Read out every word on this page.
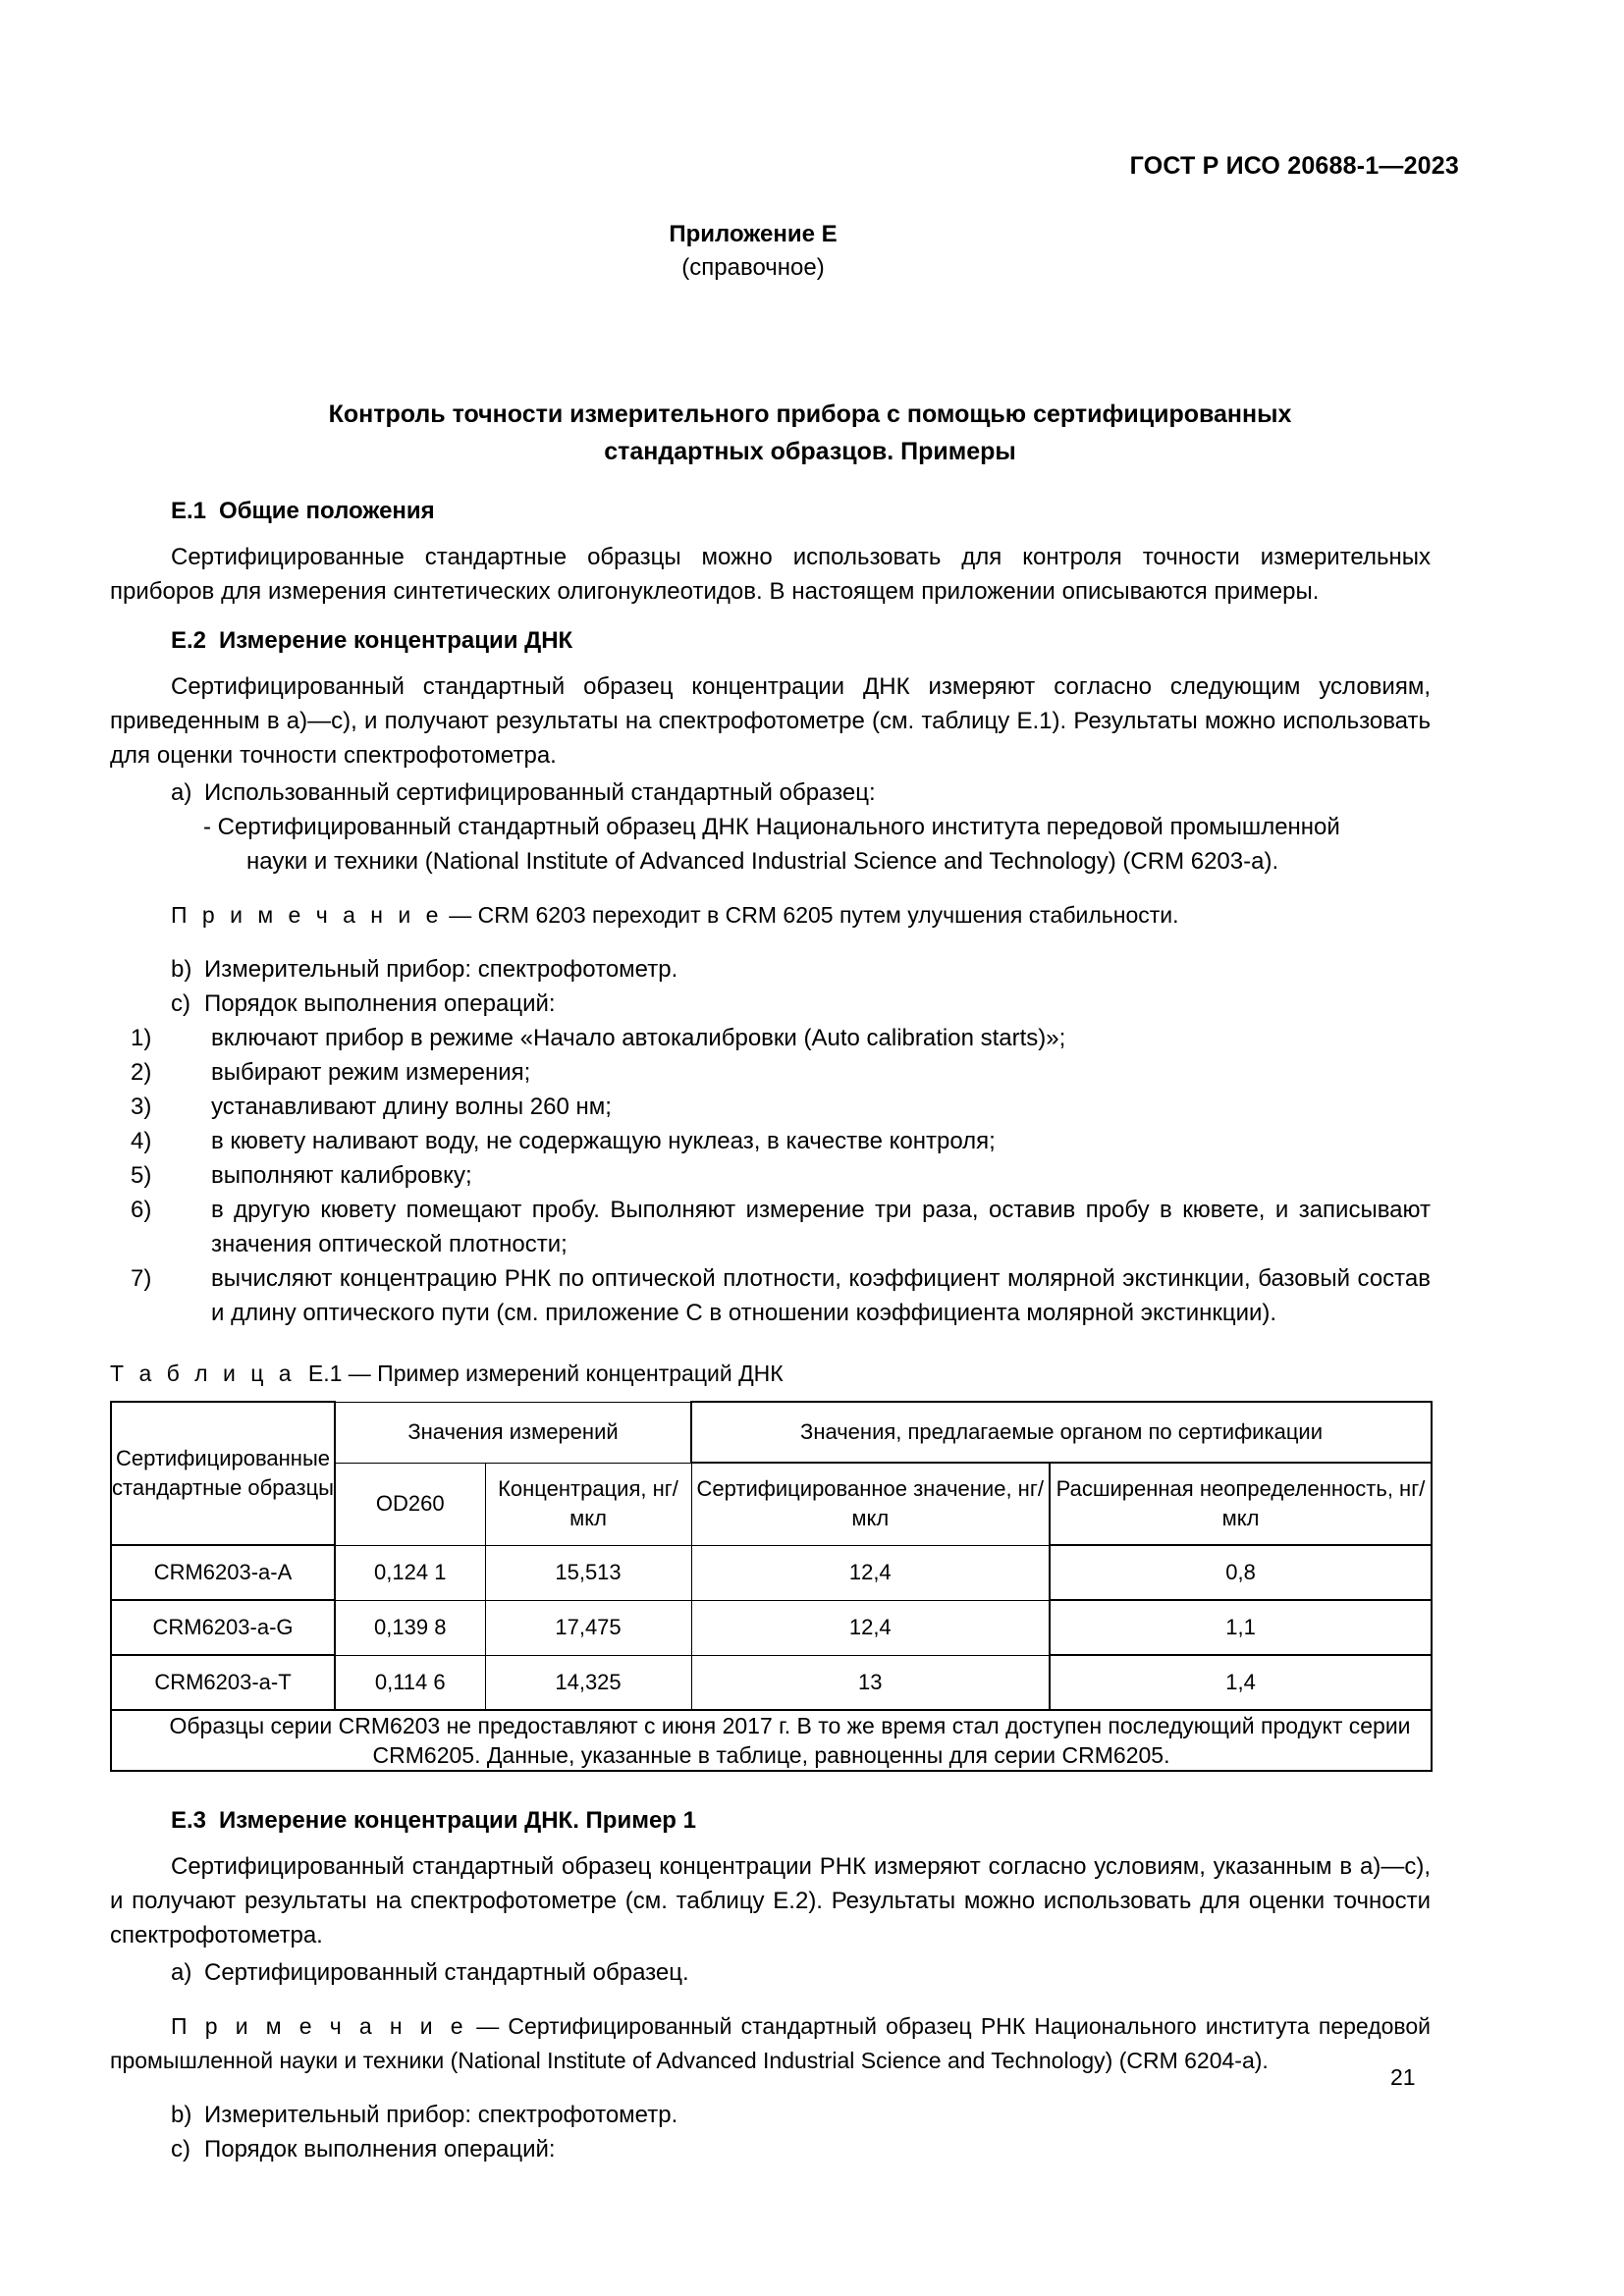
ГОСТ Р ИСО 20688-1—2023
Приложение Е
(справочное)
Контроль точности измерительного прибора с помощью сертифицированных
стандартных образцов. Примеры
Е.1 Общие положения

Сертифицированные стандартные образцы можно использовать для контроля точности измерительных приборов для измерения синтетических олигонуклеотидов. В настоящем приложении описываются примеры.

Е.2 Измерение концентрации ДНК

Сертифицированный стандартный образец концентрации ДНК измеряют согласно следующим условиям, приведенным в a)—c), и получают результаты на спектрофотометре (см. таблицу Е.1). Результаты можно использовать для оценки точности спектрофотометра.

a) Использованный сертифицированный стандартный образец:

- Сертифицированный стандартный образец ДНК Национального института передовой промышленной
науки и техники (National Institute of Advanced Industrial Science and Technology) (CRM 6203-a).

П р и м е ч а н и е — CRM 6203 переходит в CRM 6205 путем улучшения стабильности.

b) Измерительный прибор: спектрофотометр.

c) Порядок выполнения операций:

1)	включают прибор в режиме «Начало автокалибровки (Auto calibration starts)»;

2)	выбирают режим измерения;

3)	устанавливают длину волны 260 нм;

4)	в кювету наливают воду, не содержащую нуклеаз, в качестве контроля;

5)	выполняют калибровку;

6)	в другую кювету помещают пробу. Выполняют измерение три раза, оставив пробу в кювете, и записывают значения оптической плотности;

7)	вычисляют концентрацию РНК по оптической плотности, коэффициент молярной экстинкции, базовый состав и длину оптического пути (см. приложение С в отношении коэффициента молярной экстинкции).

Т а б л и ц а Е.1 — Пример измерений концентраций ДНК
Сертифицированные стандартные образцы	Значения измерений		Значения, предлагаемые органом по сертификации	
	OD260	Концентрация, нг/мкл	Сертифицированное значение, нг/мкл	Расширенная неопределенность, нг/мкл
CRM6203-a-A	0,124 1	15,513	12,4	0,8
CRM6203-a-G	0,139 8	17,475	12,4	1,1
CRM6203-a-T	0,114 6	14,325	13	1,4

Образцы серии CRM6203 не предоставляют с июня 2017 г. В то же время стал доступен последующий продукт серии CRM6205. Данные, указанные в таблице, равноценны для серии CRM6205.				
Е.3 Измерение концентрации ДНК. Пример 1

Сертифицированный стандартный образец концентрации РНК измеряют согласно условиям, указанным в a)—c), и получают результаты на спектрофотометре (см. таблицу Е.2). Результаты можно использовать для оценки точности спектрофотометра.

a) Сертифицированный стандартный образец.

П р и м е ч а н и е — Сертифицированный стандартный образец РНК Национального института передовой промышленной науки и техники (National Institute of Advanced Industrial Science and Technology) (CRM 6204-a).

b) Измерительный прибор: спектрофотометр.

c) Порядок выполнения операций:

21
